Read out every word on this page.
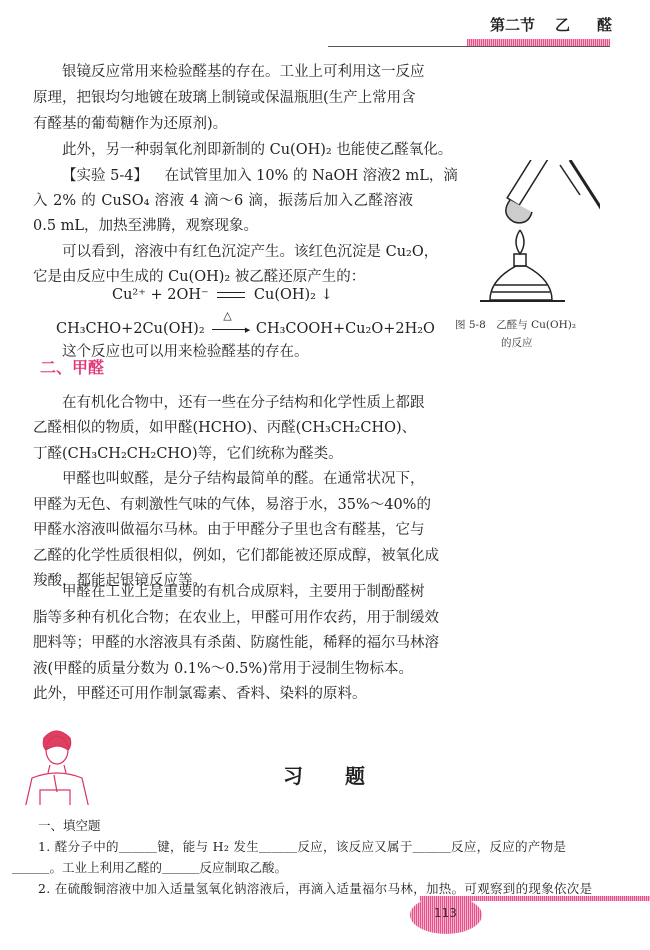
第二节 乙 醛
银镜反应常用来检验醛基的存在。工业上可利用这一反应
原理，把银均匀地镀在玻璃上制镜或保温瓶胆(生产上常用含
有醛基的葡萄糖作为还原剂)。
此外，另一种弱氧化剂即新制的 Cu(OH)₂ 也能使乙醛氧化。
【实验 5-4】 在试管里加入 10% 的 NaOH 溶液2 mL，滴
入 2% 的 CuSO₄ 溶液 4 滴～6 滴，振荡后加入乙醛溶液
0.5 mL，加热至沸腾，观察现象。
可以看到，溶液中有红色沉淀产生。该红色沉淀是 Cu₂O，
它是由反应中生成的 Cu(OH)₂ 被乙醛还原产生的：
Cu²⁺ + 2OH⁻	Cu(OH)₂ ↓
CH₃CHO+2Cu(OH)₂
△
▶ CH₃COOH+Cu₂O+2H₂O
这个反应也可以用来检验醛基的存在。
二、甲醛
在有机化合物中，还有一些在分子结构和化学性质上都跟
乙醛相似的物质，如甲醛(HCHO)、丙醛(CH₃CH₂CHO)、
丁醛(CH₃CH₂CH₂CHO)等，它们统称为醛类。
甲醛也叫蚁醛，是分子结构最简单的醛。在通常状况下，
甲醛为无色、有刺激性气味的气体，易溶于水，35%～40%的
甲醛水溶液叫做福尔马林。由于甲醛分子里也含有醛基，它与
乙醛的化学性质很相似，例如，它们都能被还原成醇，被氧化成
羧酸，都能起银镜反应等。
甲醛在工业上是重要的有机合成原料，主要用于制酚醛树
脂等多种有机化合物；在农业上，甲醛可用作农药，用于制缓效
肥料等；甲醛的水溶液具有杀菌、防腐性能，稀释的福尔马林溶
液(甲醛的质量分数为 0.1%～0.5%)常用于浸制生物标本。
此外，甲醛还可用作制氯霉素、香料、染料的原料。
图 5-8　乙醛与 Cu(OH)₂
的反应
习 题
一、填空题
1. 醛分子中的＿＿＿键，能与 H₂ 发生＿＿＿反应，该反应又属于＿＿＿反应，反应的产物是
＿＿＿。工业上利用乙醛的＿＿＿反应制取乙酸。
2. 在硫酸铜溶液中加入适量氢氧化钠溶液后，再滴入适量福尔马林，加热。可观察到的现象依次是
113
